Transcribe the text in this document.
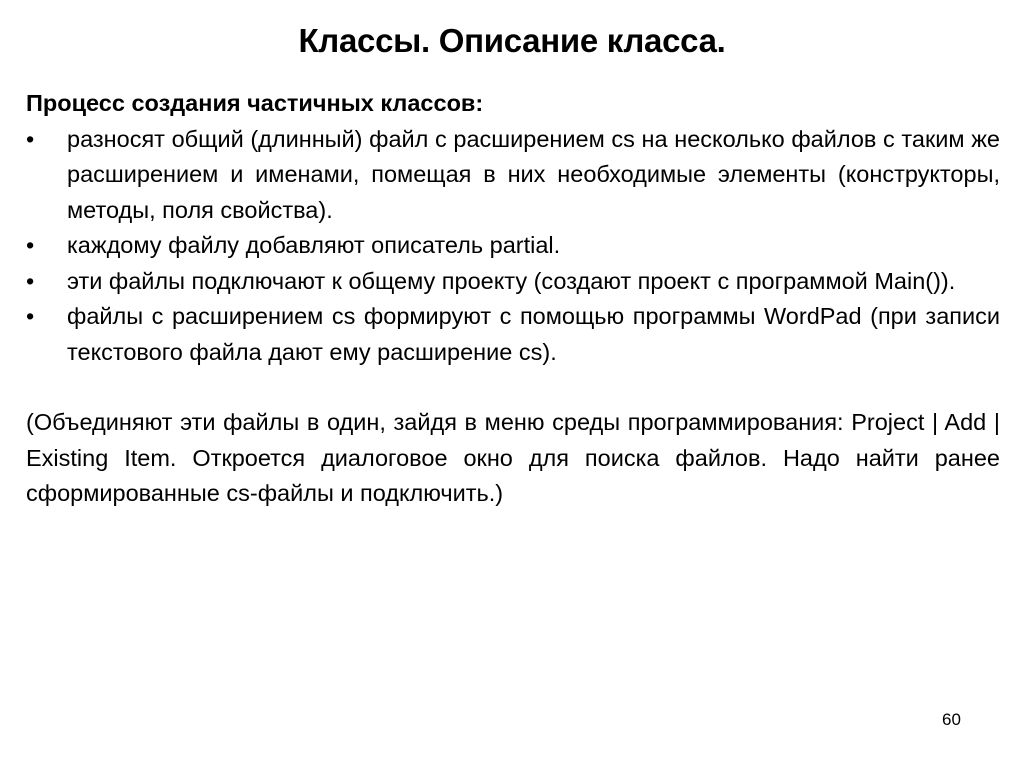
Классы. Описание класса.

Процесс создания частичных классов:

• разносят общий (длинный) файл с расширением cs на несколько файлов с таким же расширением и именами, помещая в них необходимые элементы (конструкторы, методы, поля свойства).
• каждому файлу добавляют описатель partial.
• эти файлы подключают к общему проекту (создают проект с программой Main()).
• файлы с расширением cs формируют с помощью программы WordPad (при записи текстового файла дают ему расширение cs).

(Объединяют эти файлы в один, зайдя в меню среды программирования: Project | Add | Existing Item. Откроется диалоговое окно для поиска файлов. Надо найти ранее сформированные cs-файлы и подключить.)

60
